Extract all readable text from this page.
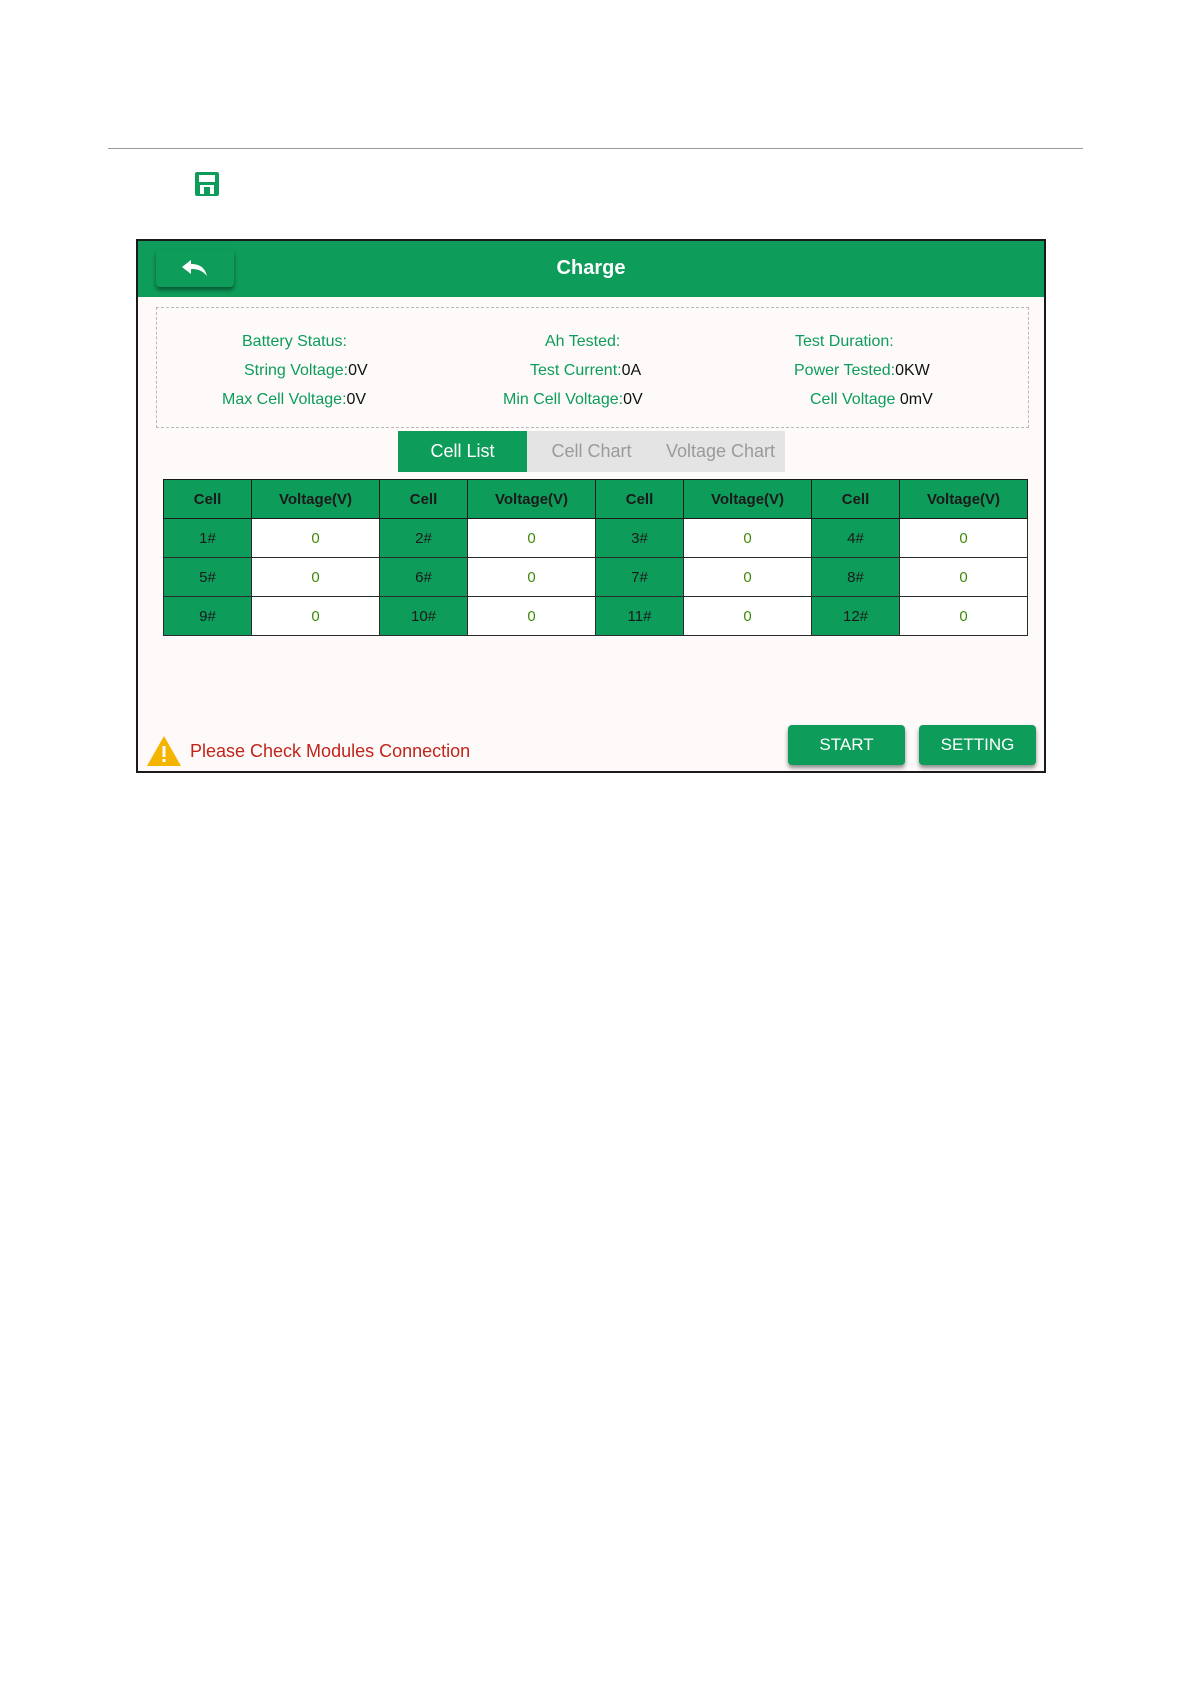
Charge
Battery Status:	Ah Tested:	Test Duration:
String Voltage:0V	Test Current:0A	Power Tested:0KW
Max Cell Voltage:0V	Min Cell Voltage:0V	Cell Voltage 0mV
Cell List	Cell Chart	Voltage Chart
Cell	Voltage(V)	Cell	Voltage(V)	Cell	Voltage(V)	Cell	Voltage(V)
1#	0	2#	0	3#	0	4#	0
5#	0	6#	0	7#	0	8#	0
9#	0	10#	0	11#	0	12#	0
Please Check Modules Connection	START	SETTING
